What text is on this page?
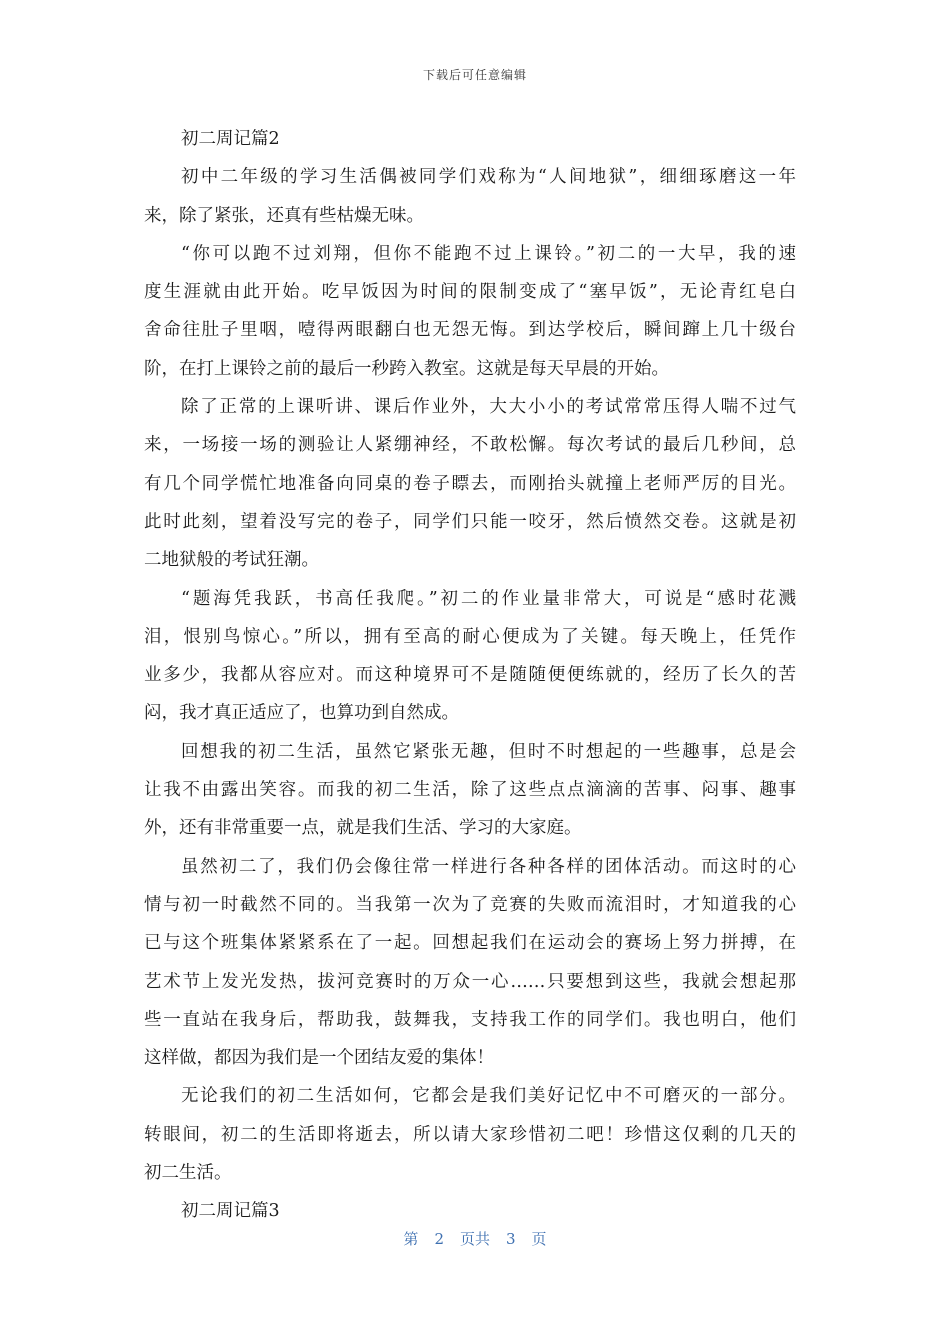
下载后可任意编辑
初二周记篇2
初中二年级的学习生活偶被同学们戏称为“人间地狱”，细细琢磨这一年
来，除了紧张，还真有些枯燥无味。
“你可以跑不过刘翔，但你不能跑不过上课铃。”初二的一大早，我的速
度生涯就由此开始。吃早饭因为时间的限制变成了“塞早饭”，无论青红皂白
舍命往肚子里咽，噎得两眼翻白也无怨无悔。到达学校后，瞬间蹿上几十级台
阶，在打上课铃之前的最后一秒跨入教室。这就是每天早晨的开始。
除了正常的上课听讲、课后作业外，大大小小的考试常常压得人喘不过气
来，一场接一场的测验让人紧绷神经，不敢松懈。每次考试的最后几秒间，总
有几个同学慌忙地准备向同桌的卷子瞟去，而刚抬头就撞上老师严厉的目光。
此时此刻，望着没写完的卷子，同学们只能一咬牙，然后愤然交卷。这就是初
二地狱般的考试狂潮。
“题海凭我跃，书高任我爬。”初二的作业量非常大，可说是“感时花溅
泪，恨别鸟惊心。”所以，拥有至高的耐心便成为了关键。每天晚上，任凭作
业多少，我都从容应对。而这种境界可不是随随便便练就的，经历了长久的苦
闷，我才真正适应了，也算功到自然成。
回想我的初二生活，虽然它紧张无趣，但时不时想起的一些趣事，总是会
让我不由露出笑容。而我的初二生活，除了这些点点滴滴的苦事、闷事、趣事
外，还有非常重要一点，就是我们生活、学习的大家庭。
虽然初二了，我们仍会像往常一样进行各种各样的团体活动。而这时的心
情与初一时截然不同的。当我第一次为了竞赛的失败而流泪时，才知道我的心
已与这个班集体紧紧系在了一起。回想起我们在运动会的赛场上努力拼搏，在
艺术节上发光发热，拔河竞赛时的万众一心……只要想到这些，我就会想起那
些一直站在我身后，帮助我，鼓舞我，支持我工作的同学们。我也明白，他们
这样做，都因为我们是一个团结友爱的集体！
无论我们的初二生活如何，它都会是我们美好记忆中不可磨灭的一部分。
转眼间，初二的生活即将逝去，所以请大家珍惜初二吧！珍惜这仅剩的几天的
初二生活。
初二周记篇3
第 2 页共 3 页
